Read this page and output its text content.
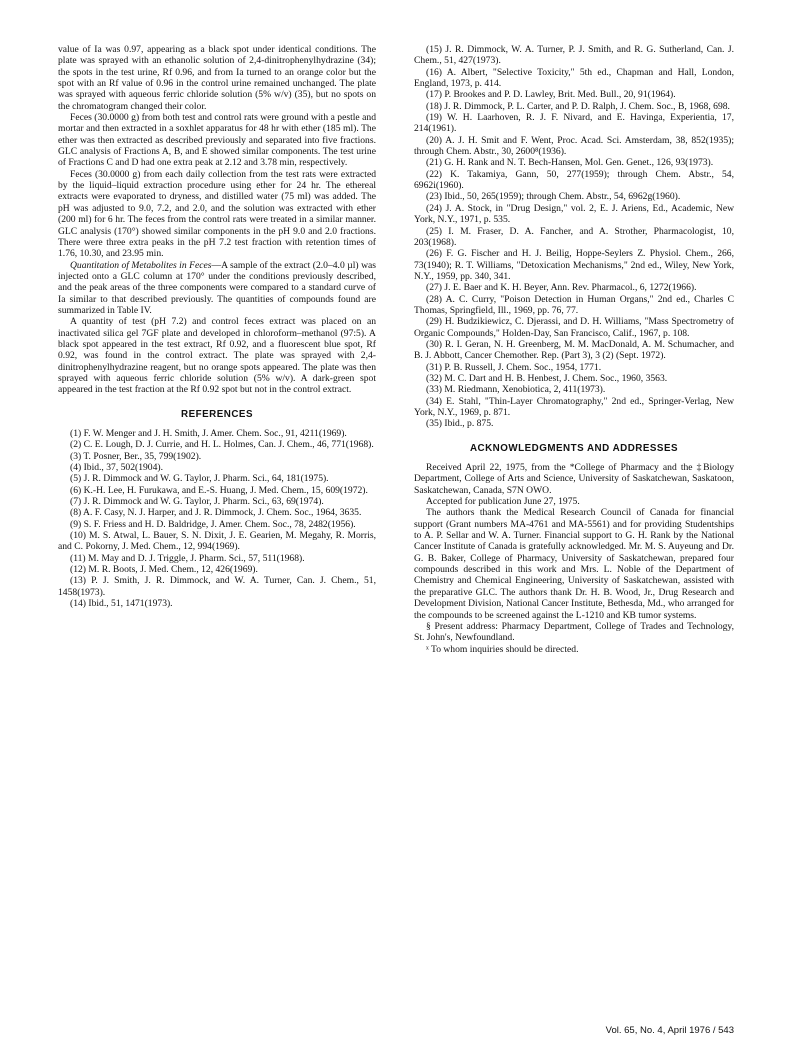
value of Ia was 0.97, appearing as a black spot under identical conditions. The plate was sprayed with an ethanolic solution of 2,4-dinitrophenylhydrazine (34); the spots in the test urine, Rf 0.96, and from Ia turned to an orange color but the spot with an Rf value of 0.96 in the control urine remained unchanged. The plate was sprayed with aqueous ferric chloride solution (5% w/v) (35), but no spots on the chromatogram changed their color.

Feces (30.0000 g) from both test and control rats were ground with a pestle and mortar and then extracted in a soxhlet apparatus for 48 hr with ether (185 ml). The ether was then extracted as described previously and separated into five fractions. GLC analysis of Fractions A, B, and E showed similar components. The test urine of Fractions C and D had one extra peak at 2.12 and 3.78 min, respectively.

Feces (30.0000 g) from each daily collection from the test rats were extracted by the liquid–liquid extraction procedure using ether for 24 hr. The ethereal extracts were evaporated to dryness, and distilled water (75 ml) was added. The pH was adjusted to 9.0, 7.2, and 2.0, and the solution was extracted with ether (200 ml) for 6 hr. The feces from the control rats were treated in a similar manner. GLC analysis (170°) showed similar components in the pH 9.0 and 2.0 fractions. There were three extra peaks in the pH 7.2 test fraction with retention times of 1.76, 10.30, and 23.95 min.

Quantitation of Metabolites in Feces—A sample of the extract (2.0–4.0 µl) was injected onto a GLC column at 170° under the conditions previously described, and the peak areas of the three components were compared to a standard curve of Ia similar to that described previously. The quantities of compounds found are summarized in Table IV.

A quantity of test (pH 7.2) and control feces extract was placed on an inactivated silica gel 7GF plate and developed in chloroform–methanol (97:5). A black spot appeared in the test extract, Rf 0.92, and a fluorescent blue spot, Rf 0.92, was found in the control extract. The plate was sprayed with 2,4-dinitrophenylhydrazine reagent, but no orange spots appeared. The plate was then sprayed with aqueous ferric chloride solution (5% w/v). A dark-green spot appeared in the test fraction at the Rf 0.92 spot but not in the control extract.

REFERENCES

(1) F. W. Menger and J. H. Smith, J. Amer. Chem. Soc., 91, 4211(1969).

(2) C. E. Lough, D. J. Currie, and H. L. Holmes, Can. J. Chem., 46, 771(1968).

(3) T. Posner, Ber., 35, 799(1902).

(4) Ibid., 37, 502(1904).

(5) J. R. Dimmock and W. G. Taylor, J. Pharm. Sci., 64, 181(1975).

(6) K.-H. Lee, H. Furukawa, and E.-S. Huang, J. Med. Chem., 15, 609(1972).

(7) J. R. Dimmock and W. G. Taylor, J. Pharm. Sci., 63, 69(1974).

(8) A. F. Casy, N. J. Harper, and J. R. Dimmock, J. Chem. Soc., 1964, 3635.

(9) S. F. Friess and H. D. Baldridge, J. Amer. Chem. Soc., 78, 2482(1956).

(10) M. S. Atwal, L. Bauer, S. N. Dixit, J. E. Gearien, M. Megahy, R. Morris, and C. Pokorny, J. Med. Chem., 12, 994(1969).

(11) M. May and D. J. Triggle, J. Pharm. Sci., 57, 511(1968).

(12) M. R. Boots, J. Med. Chem., 12, 426(1969).

(13) P. J. Smith, J. R. Dimmock, and W. A. Turner, Can. J. Chem., 51, 1458(1973).

(14) Ibid., 51, 1471(1973).

(15) J. R. Dimmock, W. A. Turner, P. J. Smith, and R. G. Sutherland, Can. J. Chem., 51, 427(1973).

(16) A. Albert, "Selective Toxicity," 5th ed., Chapman and Hall, London, England, 1973, p. 414.

(17) P. Brookes and P. D. Lawley, Brit. Med. Bull., 20, 91(1964).

(18) J. R. Dimmock, P. L. Carter, and P. D. Ralph, J. Chem. Soc., B, 1968, 698.

(19) W. H. Laarhoven, R. J. F. Nivard, and E. Havinga, Experientia, 17, 214(1961).

(20) A. J. H. Smit and F. Went, Proc. Acad. Sci. Amsterdam, 38, 852(1935); through Chem. Abstr., 30, 2600⁸(1936).

(21) G. H. Rank and N. T. Bech-Hansen, Mol. Gen. Genet., 126, 93(1973).

(22) K. Takamiya, Gann, 50, 277(1959); through Chem. Abstr., 54, 6962i(1960).

(23) Ibid., 50, 265(1959); through Chem. Abstr., 54, 6962g(1960).

(24) J. A. Stock, in "Drug Design," vol. 2, E. J. Ariens, Ed., Academic, New York, N.Y., 1971, p. 535.

(25) I. M. Fraser, D. A. Fancher, and A. Strother, Pharmacologist, 10, 203(1968).

(26) F. G. Fischer and H. J. Beilig, Hoppe-Seylers Z. Physiol. Chem., 266, 73(1940); R. T. Williams, "Detoxication Mechanisms," 2nd ed., Wiley, New York, N.Y., 1959, pp. 340, 341.

(27) J. E. Baer and K. H. Beyer, Ann. Rev. Pharmacol., 6, 1272(1966).

(28) A. C. Curry, "Poison Detection in Human Organs," 2nd ed., Charles C Thomas, Springfield, Ill., 1969, pp. 76, 77.

(29) H. Budzikiewicz, C. Djerassi, and D. H. Williams, "Mass Spectrometry of Organic Compounds," Holden-Day, San Francisco, Calif., 1967, p. 108.

(30) R. I. Geran, N. H. Greenberg, M. M. MacDonald, A. M. Schumacher, and B. J. Abbott, Cancer Chemother. Rep. (Part 3), 3 (2) (Sept. 1972).

(31) P. B. Russell, J. Chem. Soc., 1954, 1771.

(32) M. C. Dart and H. B. Henbest, J. Chem. Soc., 1960, 3563.

(33) M. Riedmann, Xenobiotica, 2, 411(1973).

(34) E. Stahl, "Thin-Layer Chromatography," 2nd ed., Springer-Verlag, New York, N.Y., 1969, p. 871.

(35) Ibid., p. 875.

ACKNOWLEDGMENTS AND ADDRESSES

Received April 22, 1975, from the *College of Pharmacy and the ‡Biology Department, College of Arts and Science, University of Saskatchewan, Saskatoon, Saskatchewan, Canada, S7N OWO.

Accepted for publication June 27, 1975.

The authors thank the Medical Research Council of Canada for financial support (Grant numbers MA-4761 and MA-5561) and for providing Studentships to A. P. Sellar and W. A. Turner. Financial support to G. H. Rank by the National Cancer Institute of Canada is gratefully acknowledged. Mr. M. S. Auyeung and Dr. G. B. Baker, College of Pharmacy, University of Saskatchewan, prepared four compounds described in this work and Mrs. L. Noble of the Department of Chemistry and Chemical Engineering, University of Saskatchewan, assisted with the preparative GLC. The authors thank Dr. H. B. Wood, Jr., Drug Research and Development Division, National Cancer Institute, Bethesda, Md., who arranged for the compounds to be screened against the L-1210 and KB tumor systems.

§ Present address: Pharmacy Department, College of Trades and Technology, St. John's, Newfoundland.

ˣ To whom inquiries should be directed.

Vol. 65, No. 4, April 1976 / 543
